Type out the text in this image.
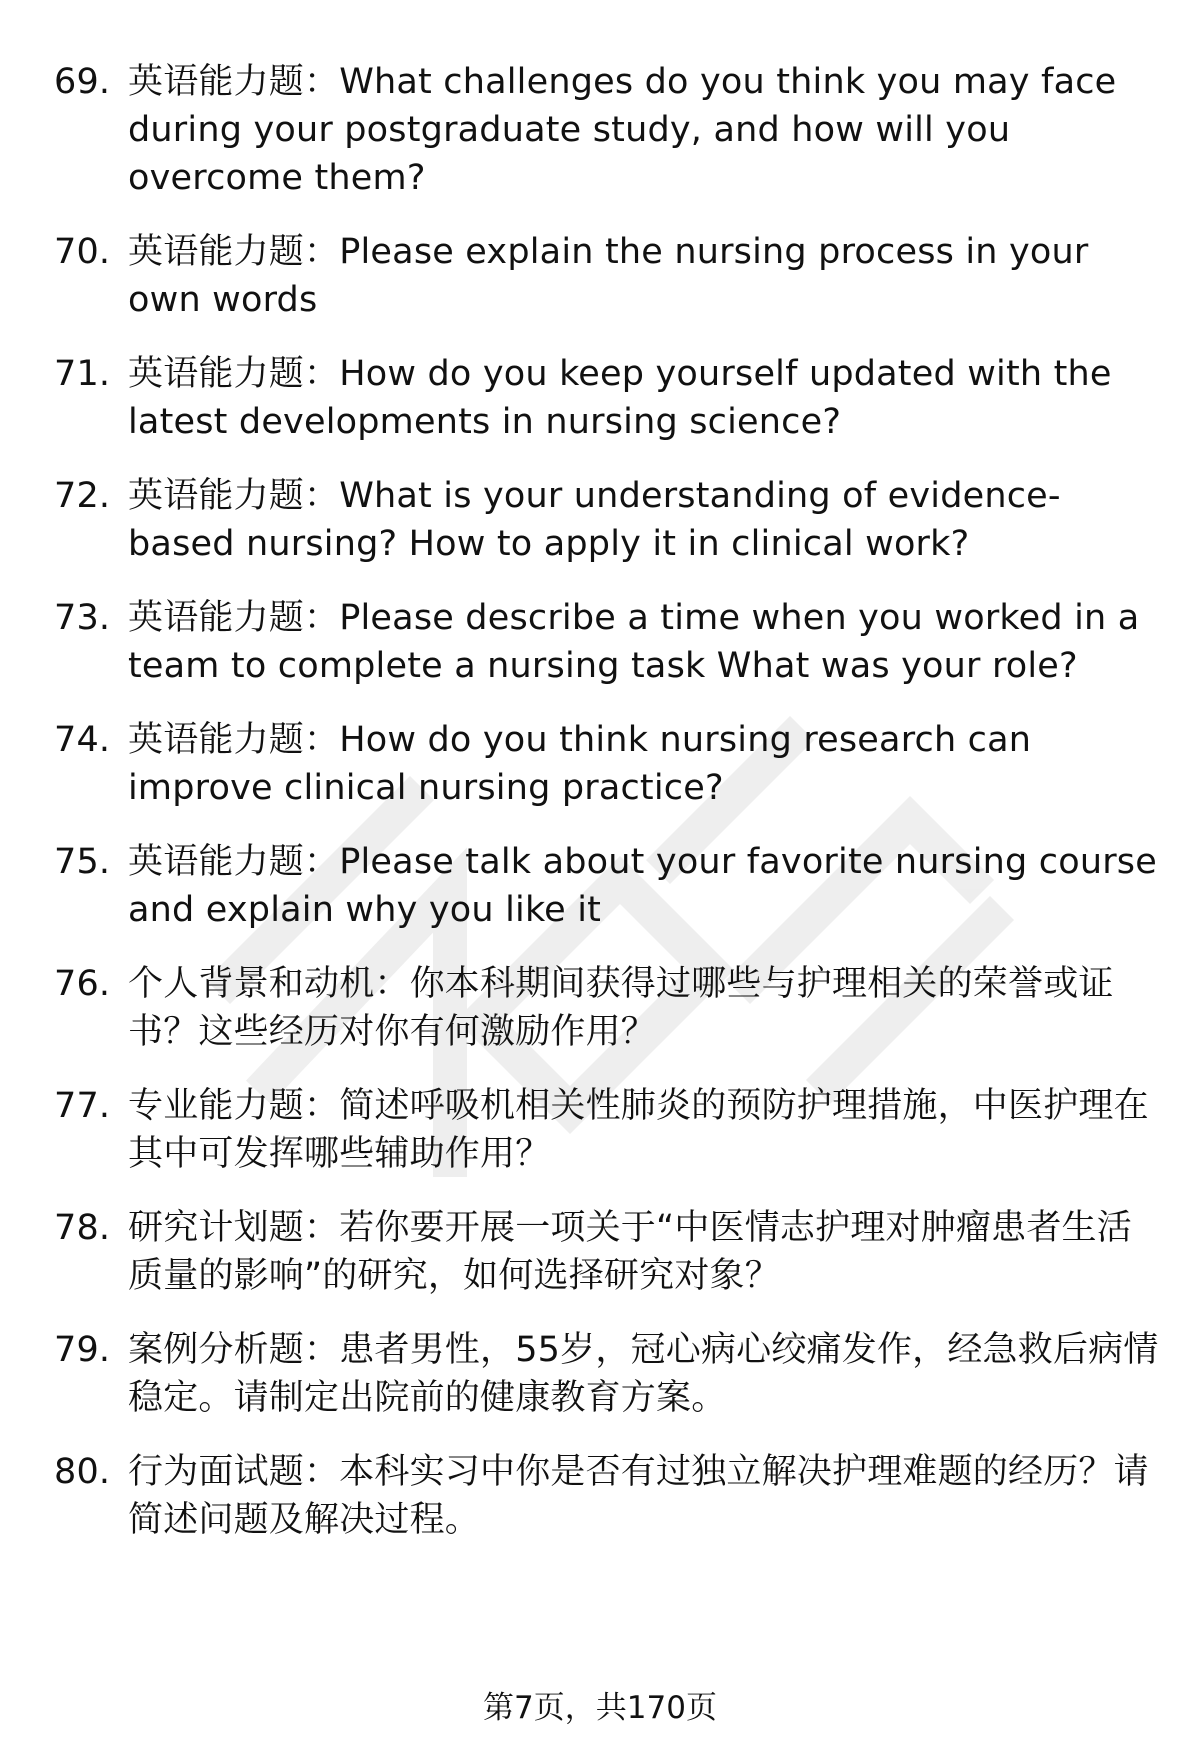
69. 英语能力题：What challenges do you think you may face during your postgraduate study, and how will you overcome them?
70. 英语能力题：Please explain the nursing process in your own words
71. 英语能力题：How do you keep yourself updated with the latest developments in nursing science?
72. 英语能力题：What is your understanding of evidence-based nursing? How to apply it in clinical work?
73. 英语能力题：Please describe a time when you worked in a team to complete a nursing task What was your role?
74. 英语能力题：How do you think nursing research can improve clinical nursing practice?
75. 英语能力题：Please talk about your favorite nursing course and explain why you like it
76. 个人背景和动机：你本科期间获得过哪些与护理相关的荣誉或证书？这些经历对你有何激励作用？
77. 专业能力题：简述呼吸机相关性肺炎的预防护理措施，中医护理在其中可发挥哪些辅助作用？
78. 研究计划题：若你要开展一项关于“中医情志护理对肿瘤患者生活质量的影响”的研究，如何选择研究对象？
79. 案例分析题：患者男性，55岁，冠心病心绞痛发作，经急救后病情稳定。请制定出院前的健康教育方案。
80. 行为面试题：本科实习中你是否有过独立解决护理难题的经历？请简述问题及解决过程。
第7页，共170页
